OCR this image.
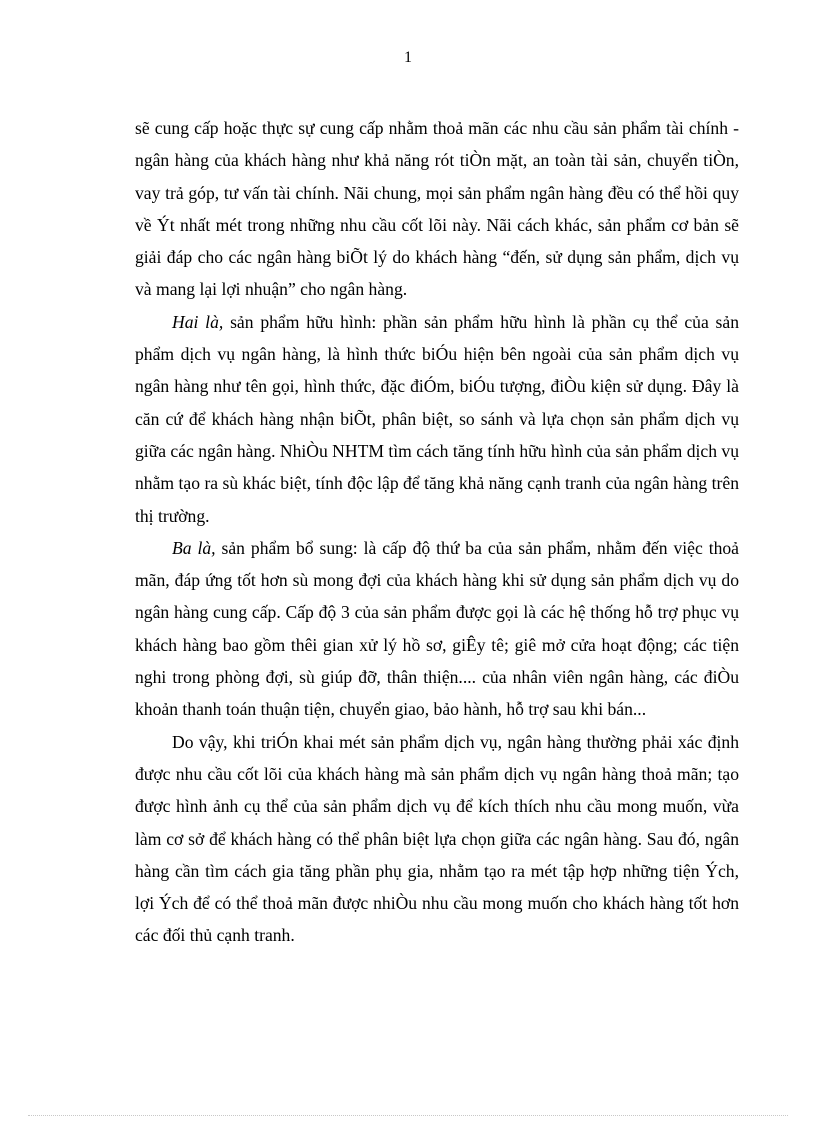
1

sẽ cung cấp hoặc thực sự cung cấp nhằm thoả mãn các nhu cầu sản phẩm tài chính - ngân hàng của khách hàng như khả năng rót tiÒn mặt, an toàn tài sản, chuyển tiÒn, vay trả góp, tư vấn tài chính. Nãi chung, mọi sản phẩm ngân hàng đều có thể hồi quy về Ýt nhất mét trong những nhu cầu cốt lõi này. Nãi cách khác, sản phẩm cơ bản sẽ giải đáp cho các ngân hàng biÕt lý do khách hàng “đến, sử dụng sản phẩm, dịch vụ và mang lại lợi nhuận” cho ngân hàng.

Hai là, sản phẩm hữu hình: phần sản phẩm hữu hình là phần cụ thể của sản phẩm dịch vụ ngân hàng, là hình thức biÓu hiện bên ngoài của sản phẩm dịch vụ ngân hàng như tên gọi, hình thức, đặc điÓm, biÓu tượng, điÒu kiện sử dụng. Đây là căn cứ để khách hàng nhận biÕt, phân biệt, so sánh và lựa chọn sản phẩm dịch vụ giữa các ngân hàng. NhiÒu NHTM tìm cách tăng tính hữu hình của sản phẩm dịch vụ nhằm tạo ra sù khác biệt, tính độc lập để tăng khả năng cạnh tranh của ngân hàng trên thị trường.

Ba là, sản phẩm bổ sung: là cấp độ thứ ba của sản phẩm, nhằm đến việc thoả mãn, đáp ứng tốt hơn sù mong đợi của khách hàng khi sử dụng sản phẩm dịch vụ do ngân hàng cung cấp. Cấp độ 3 của sản phẩm được gọi là các hệ thống hỗ trợ phục vụ khách hàng bao gồm thêi gian xử lý hồ sơ, giÊy tê; giê mở cửa hoạt động; các tiện nghi trong phòng đợi, sù giúp đỡ, thân thiện.... của nhân viên ngân hàng, các điÒu khoản thanh toán thuận tiện, chuyển giao, bảo hành, hỗ trợ sau khi bán...

Do vậy, khi triÓn khai mét sản phẩm dịch vụ, ngân hàng thường phải xác định được nhu cầu cốt lõi của khách hàng mà sản phẩm dịch vụ ngân hàng thoả mãn; tạo được hình ảnh cụ thể của sản phẩm dịch vụ để kích thích nhu cầu mong muốn, vừa làm cơ sở để khách hàng có thể phân biệt lựa chọn giữa các ngân hàng. Sau đó, ngân hàng cần tìm cách gia tăng phần phụ gia, nhằm tạo ra mét tập hợp những tiện Ých, lợi Ých để có thể thoả mãn được nhiÒu nhu cầu mong muốn cho khách hàng tốt hơn các đối thủ cạnh tranh.
